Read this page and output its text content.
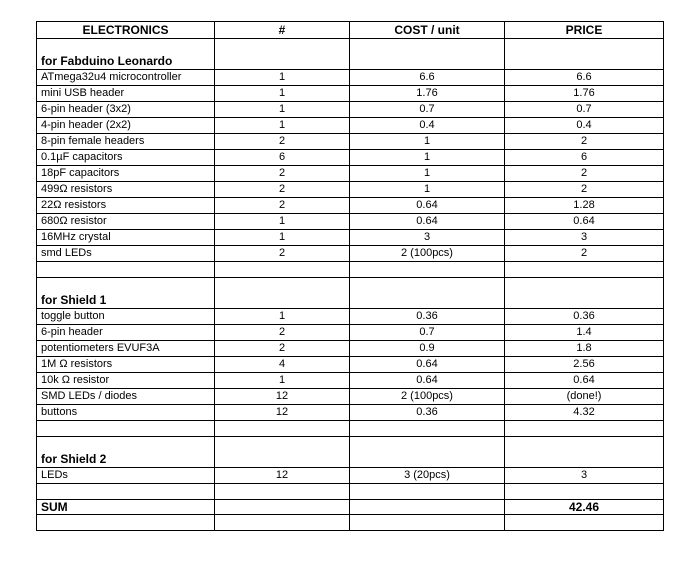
ELECTRONICS	#	COST / unit	PRICE
for Fabduino Leonardo			
ATmega32u4 microcontroller	1	6.6	6.6
mini USB header	1	1.76	1.76
6-pin header (3x2)	1	0.7	0.7
4-pin header (2x2)	1	0.4	0.4
8-pin female headers	2	1	2
0.1µF capacitors	6	1	6
18pF capacitors	2	1	2
499Ω resistors	2	1	2
22Ω resistors	2	0.64	1.28
680Ω resistor	1	0.64	0.64
16MHz crystal	1	3	3
smd LEDs	2	2 (100pcs)	2

for Shield 1			
toggle button	1	0.36	0.36
6-pin header	2	0.7	1.4
potentiometers EVUF3A	2	0.9	1.8
1M Ω resistors	4	0.64	2.56
10k Ω resistor	1	0.64	0.64
SMD LEDs / diodes	12	2 (100pcs)	(done!)
buttons	12	0.36	4.32

for Shield 2			
LEDs	12	3 (20pcs)	3

SUM			42.46
